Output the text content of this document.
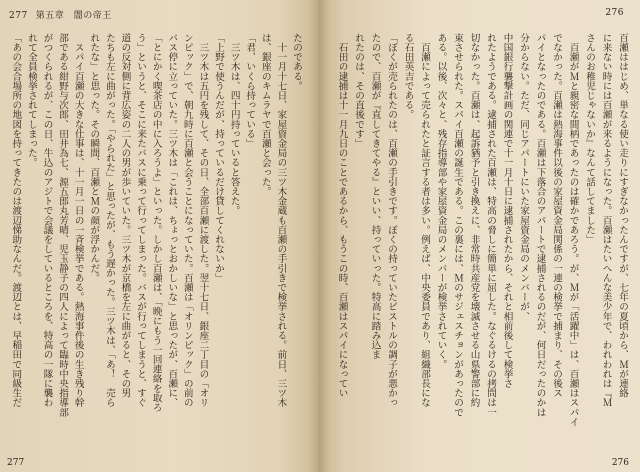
277 第五章　闇の帝王
たのである。
　十一月十七日、家屋資金局の三ツ木金蔵も百瀬の手引きで検挙される。前日、三ツ木
は、銀座のキムラヤで百瀬と会った。
「君、いくら持っている」
　三ツ木は、四十円持っていると答えた。
「上野で使うんだが、持っているだけ貸してくれないか」
　三ツ木は五円を残して、その日、全部百瀬に渡した。翌十七日、銀座二丁目の「オリ
ンピック」で、朝九時に百瀬と会うことになっていた。百瀬は「オリンピック」の前の
バス停に立っていた。三ツ木は「これは、ちょっとおかしいな」と思ったが、百瀬に、
「とにかく喫茶店の中に入ろうよ」といった。しかし百瀬は、「晩にもう一回連絡を取ろ
う」というと、そこに来たバスに乗って行ってしまった。バスが行ってしまうと、すぐ
道の反対側に背広姿の二人の男が歩いていた。三ツ木が京橋を左に曲がると、その男
たちも左に曲がった。「やられた」と思ったが、もう遅かった。三ツ木は、「あ！　売ら
れたな」と思った。その瞬間、百瀬とＭの顔が浮かんだ。
　スパイ百瀬の大きな仕事は、十一月一日の一斉検挙である。熱海事件後の生き残り幹
部である紺野与次郎、田井為七、源五郎丸芳晴、児玉静子の四人によって臨時中央指導部
がつくられるが、この日、牛込のアジトで会議をしているところを、特高の一隊に襲わ
れて全員検挙されてしまった。
「あの会合場所の地図を持ってきたのは渡辺悌助なんだ。渡辺とは、早稲田で同級生だ
277
276
百瀬ははじめ、単なる使い走りにすぎなかったんですが、七年の夏頃から、Ｍが連絡
に来ない時には百瀬が来るようになった。百瀬はたいへんな美少年で、われわれは『Ｍ
さんのお稚児じゃないか』なんて話してました」
　百瀬がＭと親密な間柄であったのは確かであろう。が、Ｍが「活躍中」は、百瀬はスパイ
でなかった。百瀬は熱海事件以後の家屋資金局関係の一連の検挙で捕まり、その後ス
パイとなったのである。百瀬は下落合のアパートで逮捕されるのだが、何日だったのかは
分からない。ただ、同じアパートにいた家屋資金局のメンバーが、
中国銀行襲撃計画の関連で十一月十日に逮捕されたから、それと相前後して検挙さ
れたようである。逮捕された百瀬は、特高の脅しに簡単に屈した。なぐるけるの拷問は一
切なかった。百瀬は、起訴猶予と引き換えに、非常時共産党を壊滅させる山県警部に約
束させられた。スパイ百瀬の誕生である。この裏には、Ｍのサジェスチョンがあったので
ある。以後、次々と、残存指導部や家屋資金局のメンバーが検挙されていく。
　百瀬によって売られたと証言する者は多い。例えば、中央委員であり、組織部長にな
る石田英吉である。
「ぼくが売られたのは、百瀬の手引きです。ぼくの持っていたピストルの調子が悪かっ
たので、百瀬が『直してきてやる』といい、持っていった。特高に踏み込ま
れたのは、その直後です」
　石田の逮捕は十一月九日のことであるから、もうこの時、百瀬はスパイになってい
276
